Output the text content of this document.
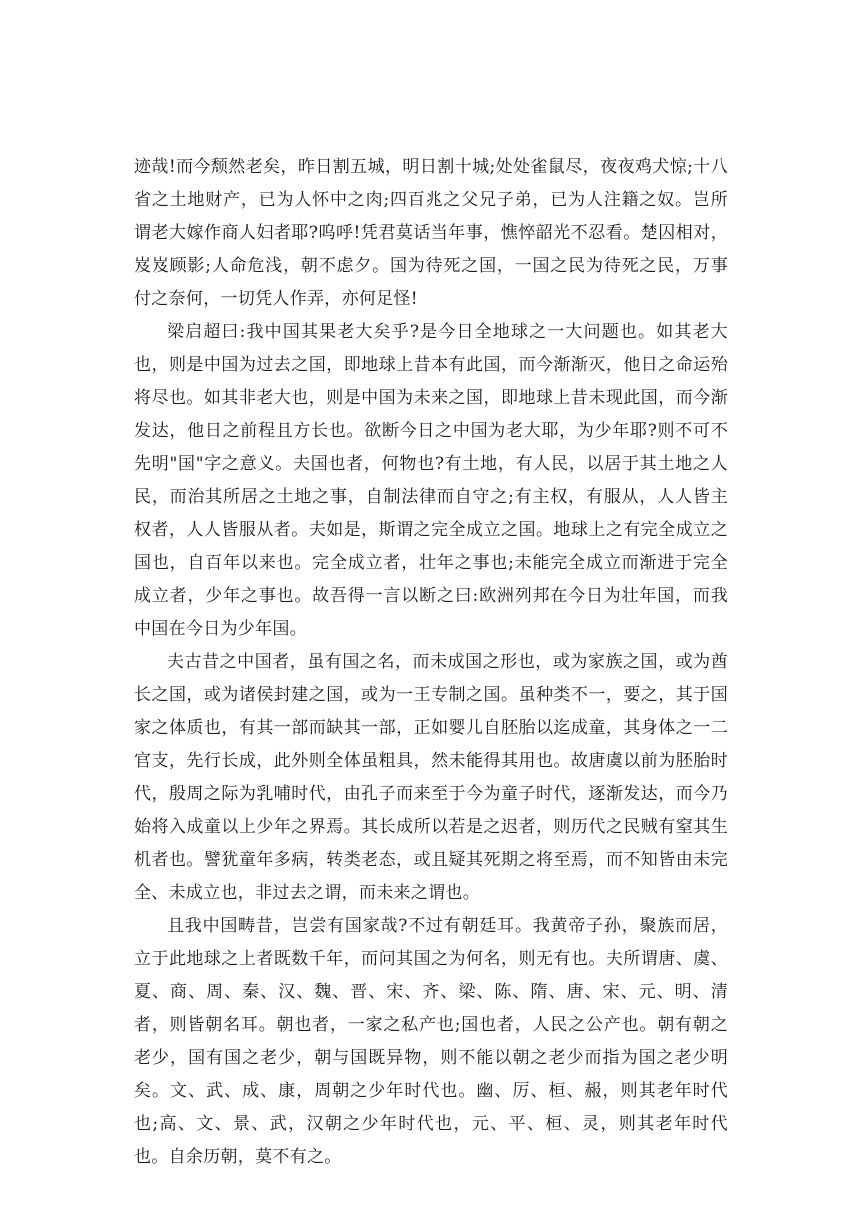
迹哉!而今颓然老矣，昨日割五城，明日割十城;处处雀鼠尽，夜夜鸡犬惊;十八省之土地财产，已为人怀中之肉;四百兆之父兄子弟，已为人注籍之奴。岂所谓老大嫁作商人妇者耶?呜呼!凭君莫话当年事，憔悴韶光不忍看。楚囚相对，岌岌顾影;人命危浅，朝不虑夕。国为待死之国，一国之民为待死之民，万事付之奈何，一切凭人作弄，亦何足怪!

梁启超曰:我中国其果老大矣乎?是今日全地球之一大问题也。如其老大也，则是中国为过去之国，即地球上昔本有此国，而今渐渐灭，他日之命运殆将尽也。如其非老大也，则是中国为未来之国，即地球上昔未现此国，而今渐发达，他日之前程且方长也。欲断今日之中国为老大耶，为少年耶?则不可不先明"国"字之意义。夫国也者，何物也?有土地，有人民，以居于其土地之人民，而治其所居之土地之事，自制法律而自守之;有主权，有服从，人人皆主权者，人人皆服从者。夫如是，斯谓之完全成立之国。地球上之有完全成立之国也，自百年以来也。完全成立者，壮年之事也;未能完全成立而渐进于完全成立者，少年之事也。故吾得一言以断之曰:欧洲列邦在今日为壮年国，而我中国在今日为少年国。

夫古昔之中国者，虽有国之名，而未成国之形也，或为家族之国，或为酋长之国，或为诸侯封建之国，或为一王专制之国。虽种类不一，要之，其于国家之体质也，有其一部而缺其一部，正如婴儿自胚胎以迄成童，其身体之一二官支，先行长成，此外则全体虽粗具，然未能得其用也。故唐虞以前为胚胎时代，殷周之际为乳哺时代，由孔子而来至于今为童子时代，逐渐发达，而今乃始将入成童以上少年之界焉。其长成所以若是之迟者，则历代之民贼有窒其生机者也。譬犹童年多病，转类老态，或且疑其死期之将至焉，而不知皆由未完全、未成立也，非过去之谓，而未来之谓也。

且我中国畴昔，岂尝有国家哉?不过有朝廷耳。我黄帝子孙，聚族而居，立于此地球之上者既数千年，而问其国之为何名，则无有也。夫所谓唐、虞、夏、商、周、秦、汉、魏、晋、宋、齐、梁、陈、隋、唐、宋、元、明、清者，则皆朝名耳。朝也者，一家之私产也;国也者，人民之公产也。朝有朝之老少，国有国之老少，朝与国既异物，则不能以朝之老少而指为国之老少明矣。文、武、成、康，周朝之少年时代也。幽、厉、桓、赧，则其老年时代也;高、文、景、武，汉朝之少年时代也，元、平、桓、灵，则其老年时代也。自余历朝，莫不有之。
